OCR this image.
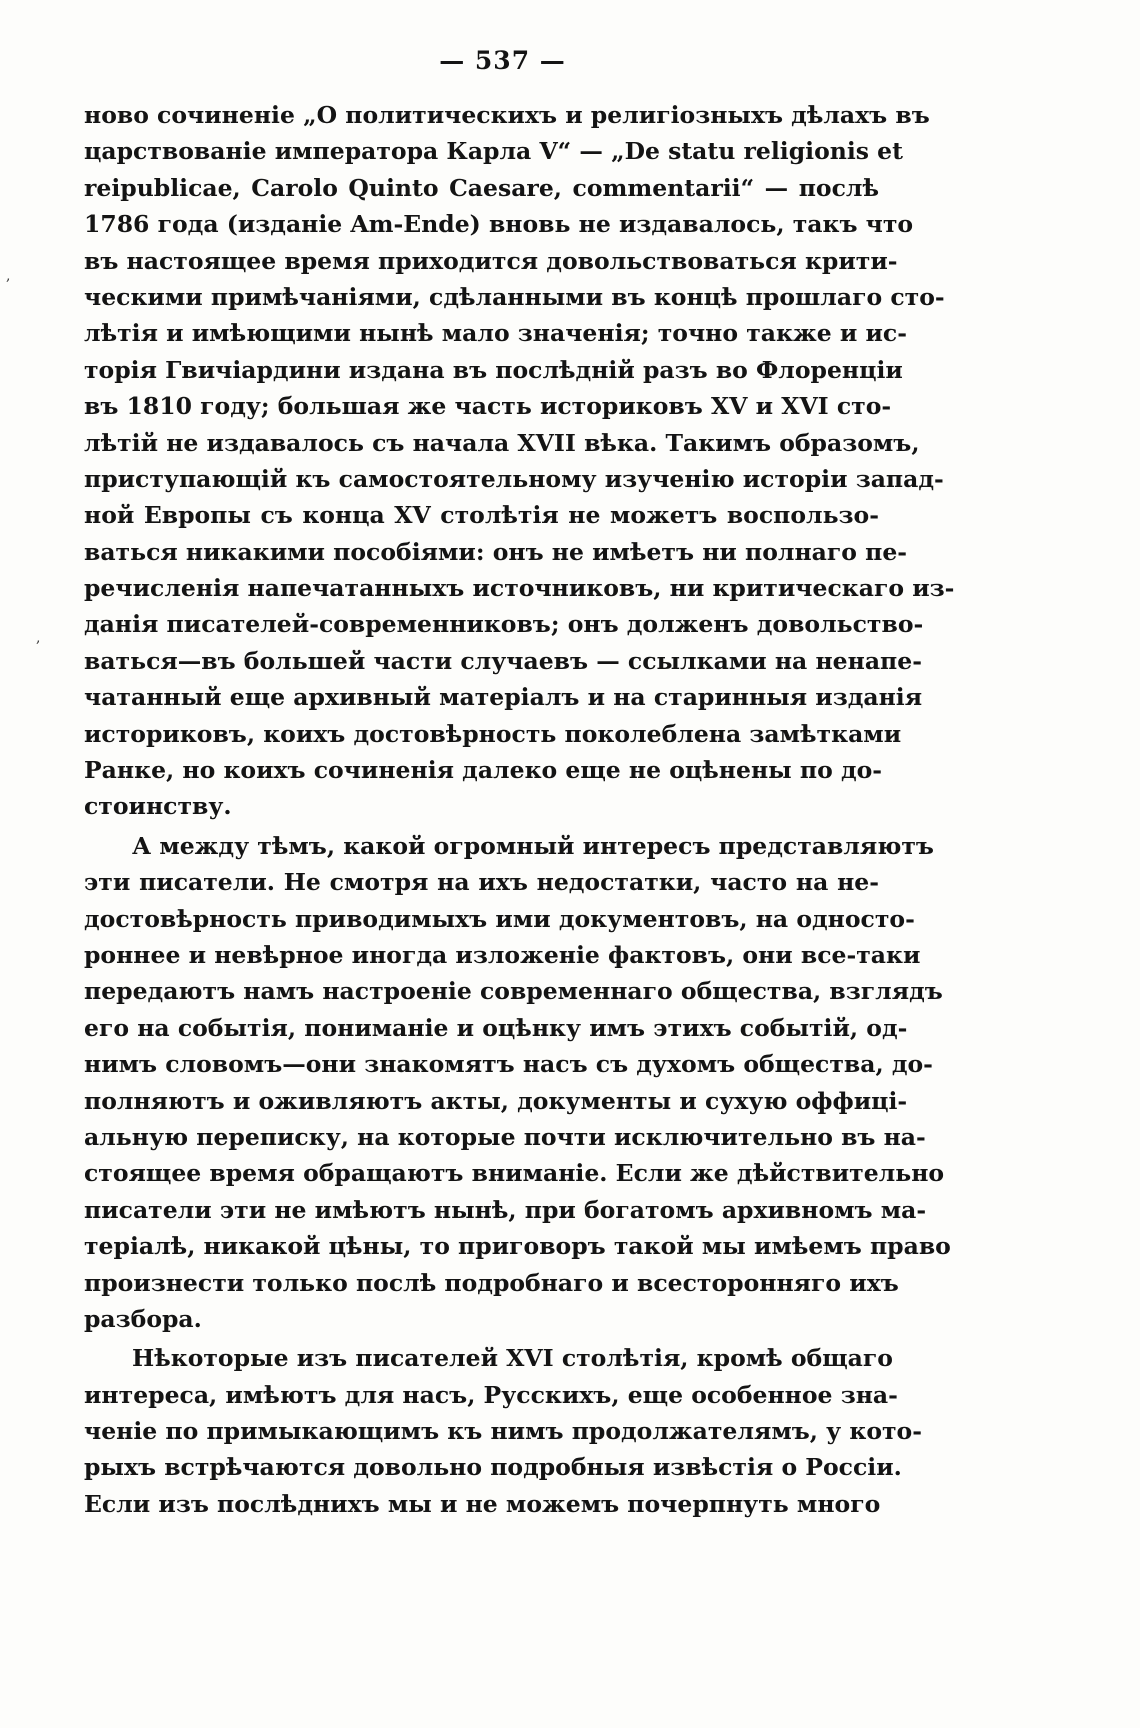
— 537 —
ново сочиненіе „О политическихъ и религіозныхъ дѣлахъ въ
царствованіе императора Карла V“ — „De statu religionis et
reipublicae, Carolo Quinto Caesare, commentarii“ — послѣ
1786 года (изданіе Am-Ende) вновь не издавалось, такъ что
въ настоящее время приходится довольствоваться крити-
ческими примѣчаніями, сдѣланными въ концѣ прошлаго сто-
лѣтія и имѣющими нынѣ мало значенія; точно также и ис-
торія Гвичіардини издана въ послѣдній разъ во Флоренціи
въ 1810 году; большая же часть историковъ XV и XVI сто-
лѣтій не издавалось съ начала XVII вѣка. Такимъ образомъ,
приступающій къ самостоятельному изученію исторіи запад-
ной Европы съ конца XV столѣтія не можетъ воспользо-
ваться никакими пособіями: онъ не имѣетъ ни полнаго пе-
речисленія напечатанныхъ источниковъ, ни критическаго из-
данія писателей-современниковъ; онъ долженъ довольство-
ваться—въ большей части случаевъ — ссылками на ненапе-
чатанный еще архивный матеріалъ и на старинныя изданія
историковъ, коихъ достовѣрность поколеблена замѣтками
Ранке, но коихъ сочиненія далеко еще не оцѣнены по до-
стоинству.
А между тѣмъ, какой огромный интересъ представляютъ
эти писатели. Не смотря на ихъ недостатки, часто на не-
достовѣрность приводимыхъ ими документовъ, на односто-
роннее и невѣрное иногда изложеніе фактовъ, они все-таки
передаютъ намъ настроеніе современнаго общества, взглядъ
его на событія, пониманіе и оцѣнку имъ этихъ событій, од-
нимъ словомъ—они знакомятъ насъ съ духомъ общества, до-
полняютъ и оживляютъ акты, документы и сухую оффиці-
альную переписку, на которые почти исключительно въ на-
стоящее время обращаютъ вниманіе. Если же дѣйствительно
писатели эти не имѣютъ нынѣ, при богатомъ архивномъ ма-
теріалѣ, никакой цѣны, то приговоръ такой мы имѣемъ право
произнести только послѣ подробнаго и всесторонняго ихъ
разбора.
Нѣкоторые изъ писателей XVI столѣтія, кромѣ общаго
интереса, имѣютъ для насъ, Русскихъ, еще особенное зна-
ченіе по примыкающимъ къ нимъ продолжателямъ, у кото-
рыхъ встрѣчаются довольно подробныя извѣстія о Россіи.
Если изъ послѣднихъ мы и не можемъ почерпнуть много
,
,
